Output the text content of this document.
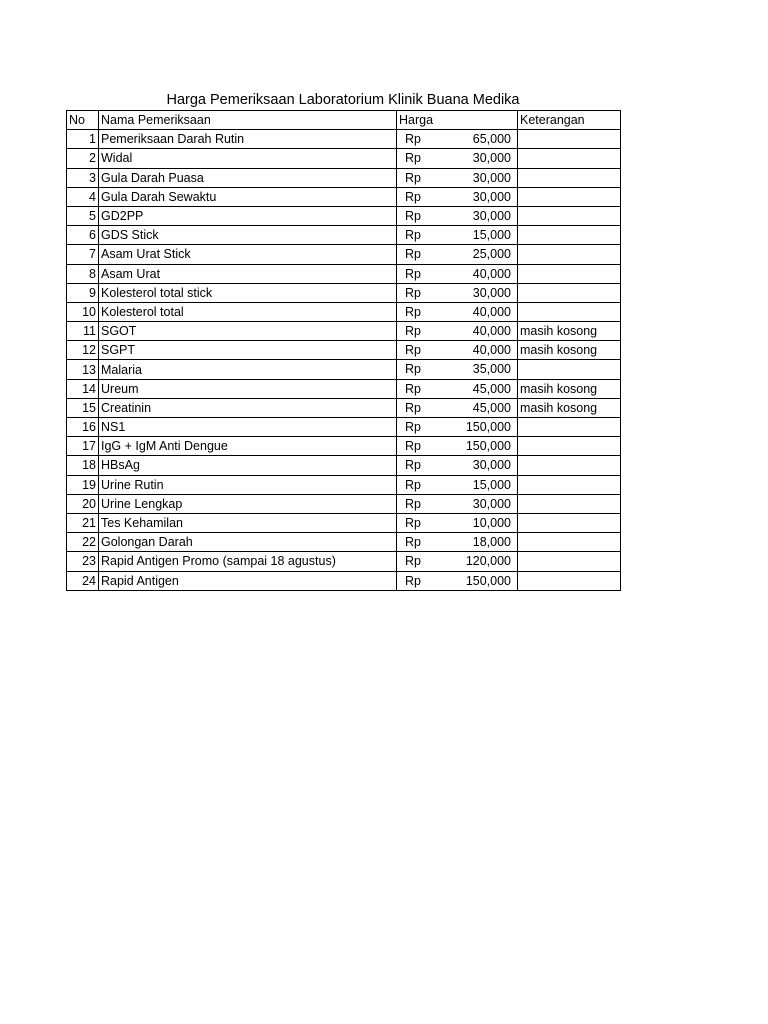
Harga Pemeriksaan Laboratorium Klinik Buana Medika
No	Nama Pemeriksaan	Harga	Keterangan
1	Pemeriksaan Darah Rutin	Rp 65,000	

2	Widal	Rp 30,000	

3	Gula Darah Puasa	Rp 30,000	

4	Gula Darah Sewaktu	Rp 30,000	

5	GD2PP	Rp 30,000	

6	GDS Stick	Rp 15,000	

7	Asam Urat Stick	Rp 25,000	

8	Asam Urat	Rp 40,000	

9	Kolesterol total stick	Rp 30,000	

10	Kolesterol total	Rp 40,000	

11	SGOT	Rp 40,000	masih kosong
12	SGPT	Rp 40,000	masih kosong
13	Malaria	Rp 35,000	

14	Ureum	Rp 45,000	masih kosong
15	Creatinin	Rp 45,000	masih kosong
16	NS1	Rp 150,000	

17	IgG + IgM Anti Dengue	Rp 150,000	

18	HBsAg	Rp 30,000	

19	Urine Rutin	Rp 15,000	

20	Urine Lengkap	Rp 30,000	

21	Tes Kehamilan	Rp 10,000	

22	Golongan Darah	Rp 18,000	

23	Rapid Antigen Promo (sampai 18 agustus)	Rp 120,000	

24	Rapid Antigen	Rp 150,000	
